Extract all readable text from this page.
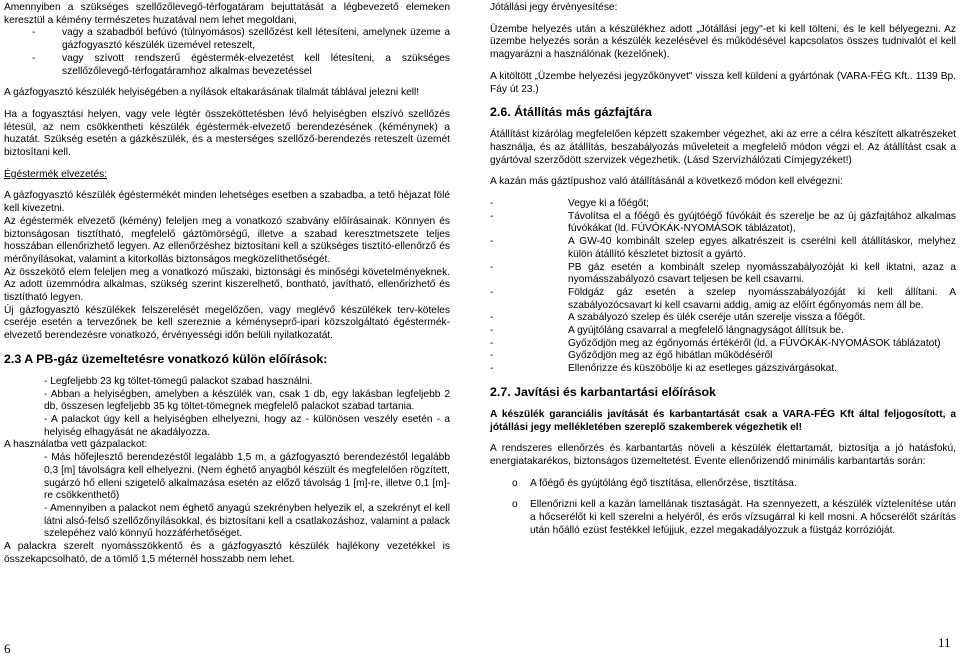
Amennyiben a szükséges szellőzőlevegő-térfogatáram bejuttatását a légbevezető elemeken keresztül a kémény természetes huzatával nem lehet megoldani,

-	vagy a szabadból befúvó (túlnyomásos) szellőzést kell létesíteni, amelynek üzeme a gázfogyasztó készülék üzemével reteszelt,
-	vagy szívott rendszerű égéstermék-elvezetést kell létesíteni, a szükséges szellőzőlevegő-térfogatáramhoz alkalmas bevezetéssel

A gázfogyasztó készülék helyiségében a nyílások eltakarásának tilalmát táblával jelezni kell!

Ha a fogyasztási helyen, vagy vele légtér összeköttetésben lévő helyiségben elszívó szellőzés létesül, az nem csökkentheti készülék égéstermék-elvezető berendezésének (kéménynek) a huzatát. Szükség esetén a gázkészülék, és a mesterséges szellőző-berendezés reteszelt üzemét biztosítani kell.

Égéstermék elvezetés:

A gázfogyasztó készülék égéstermékét minden lehetséges esetben a szabadba, a tető héjazat fölé kell kivezetni.

Az égéstermék elvezető (kémény) feleljen meg a vonatkozó szabvány előírásainak. Könnyen és biztonságosan tisztítható, megfelelő gáztömörségű, illetve a szabad keresztmetszete teljes hosszában ellenőrizhető legyen. Az ellenőrzéshez biztosítani kell a szükséges tisztító-ellenőrző és mérőnyílásokat, valamint a kitorkollás biztonságos megközelíthetőségét.

Az összekötő elem feleljen meg a vonatkozó műszaki, biztonsági és minőségi követelményeknek. Az adott üzemmódra alkalmas, szükség szerint kiszerelhető, bontható, javítható, ellenőrizhető és tisztítható legyen.

Új gázfogyasztó készülékek felszerelését megelőzően, vagy meglévő készülékek terv-köteles cseréje esetén a tervezőnek be kell szereznie a kéményseprő-ipari közszolgáltató égéstermék-elvezető berendezésre vonatkozó, érvényességi időn belüli nyilatkozatát.

2.3 A PB-gáz üzemeltetésre vonatkozó külön előírások:

- Legfeljebb 23 kg töltet-tömegű palackot szabad használni.

- Abban a helyiségben, amelyben a készülék van, csak 1 db, egy lakásban legfeljebb 2 db, összesen legfeljebb 35 kg töltet-tömegnek megfelelő palackot szabad tartania.

- A palackot úgy kell a helyiségben elhelyezni, hogy az - különösen veszély esetén - a helyiség elhagyását ne akadályozza.

A használatba vett gázpalackot:

- Más hőfejlesztő berendezéstől legalább 1,5 m, a gázfogyasztó berendezéstől legalább 0,3 [m] távolságra kell elhelyezni. (Nem éghető anyagból készült és megfelelően rögzített, sugárzó hő elleni szigetelő alkalmazása esetén az előző távolság 1 [m]-re, illetve 0,1 [m]-re csökkenthető)

- Amennyiben a palackot nem éghető anyagú szekrényben helyezik el, a szekrényt el kell látni alsó-felső szellőzőnyílásokkal, és biztosítani kell a csatlakozáshoz, valamint a palack szelepéhez való könnyű hozzáférhetőséget.

A palackra szerelt nyomásszökkentő és a gázfogyasztó készülék hajlékony vezetékkel is összekapcsolható, de a tömlő 1,5 méternél hosszabb nem lehet.

6

Jótállási jegy érvényesítése:

Üzembe helyezés után a készülékhez adott „Jótállási jegy"-et ki kell tölteni, és le kell bélyegezni. Az üzembe helyezés során a készülék kezelésével és működésével kapcsolatos összes tudnivalót el kell magyarázni a használónak (kezelőnek).

A kitöltött „Üzembe helyezési jegyzőkönyvet" vissza kell küldeni a gyártónak (VARA-FÉG Kft.. 1139 Bp. Fáy út 23.)

2.6. Átállítás más gázfajtára

Átállítást kizárólag megfelelően képzett szakember végezhet, aki az erre a célra készített alkatrészeket használja, és az átállítás, beszabályozás műveleteit a megfelelő módon végzi el. Az átállítást csak a gyártóval szerződött szervizek végezhetik. (Lásd Szervízhálózati Címjegyzéket!)

A kazán más gáztípushoz való átállításánál a következő módon kell elvégezni:

-	Vegye ki a főégőt;
-	Távolítsa el a főégő és gyújtóégő fúvókáit és szerelje be az új gázfajtához alkalmas fúvókákat (ld. FÚVÓKÁK-NYOMÁSOK táblázatot),
-	A GW-40 kombinált szelep egyes alkatrészeit is cserélni kell átállításkor, melyhez külön átállító készletet biztosít a gyártó.
-	PB gáz esetén a kombinált szelep nyomásszabályozóját ki kell iktatni, azaz a nyomásszabályozó csavart teljesen be kell csavarni.
-	Földgáz gáz esetén a szelep nyomásszabályozóját ki kell állítani. A szabályozócsavart ki kell csavarni addig, amig az előírt égőnyomás nem áll be.
-	A szabályozó szelep és ülék cseréje után szerelje vissza a főégőt.
-	A gyújtóláng csavarral a megfelelő lángnagyságot állítsuk be.
-	Győződjön meg az égőnyomás értékéről (ld. a FÚVÓKÁK-NYOMÁSOK táblázatot)
-	Győződjön meg az égő hibátlan működéséről
-	Ellenőrizze és küszöbölje ki az esetleges gázszivárgásokat.
2.7. Javítási és karbantartási előírások

A készülék garanciális javítását és karbantartását csak a VARA-FÉG Kft által feljogosított, a jótállási jegy mellékletében szereplő szakemberek végezhetik el!

A rendszeres ellenőrzés és karbantartás növeli a készülék élettartamát, biztosítja a jó hatásfokú, energiatakarékos, biztonságos üzemeltetést. Évente ellenőrizendő minimális karbantartás során:

o	A főégő és gyújtóláng égő tisztítása, ellenőrzése, tisztítása.
o	Ellenőrizni kell a kazán lamellának tisztaságát. Ha szennyezett, a készülék víztelenítése után a hőcserélőt ki kell szerelni a helyéről, és erős vízsugárral ki kell mosni. A hőcserélőt szárítás után hőálló ezüst festékkel lefújjuk, ezzel megakadályozzuk a füstgáz korrózióját.
11
